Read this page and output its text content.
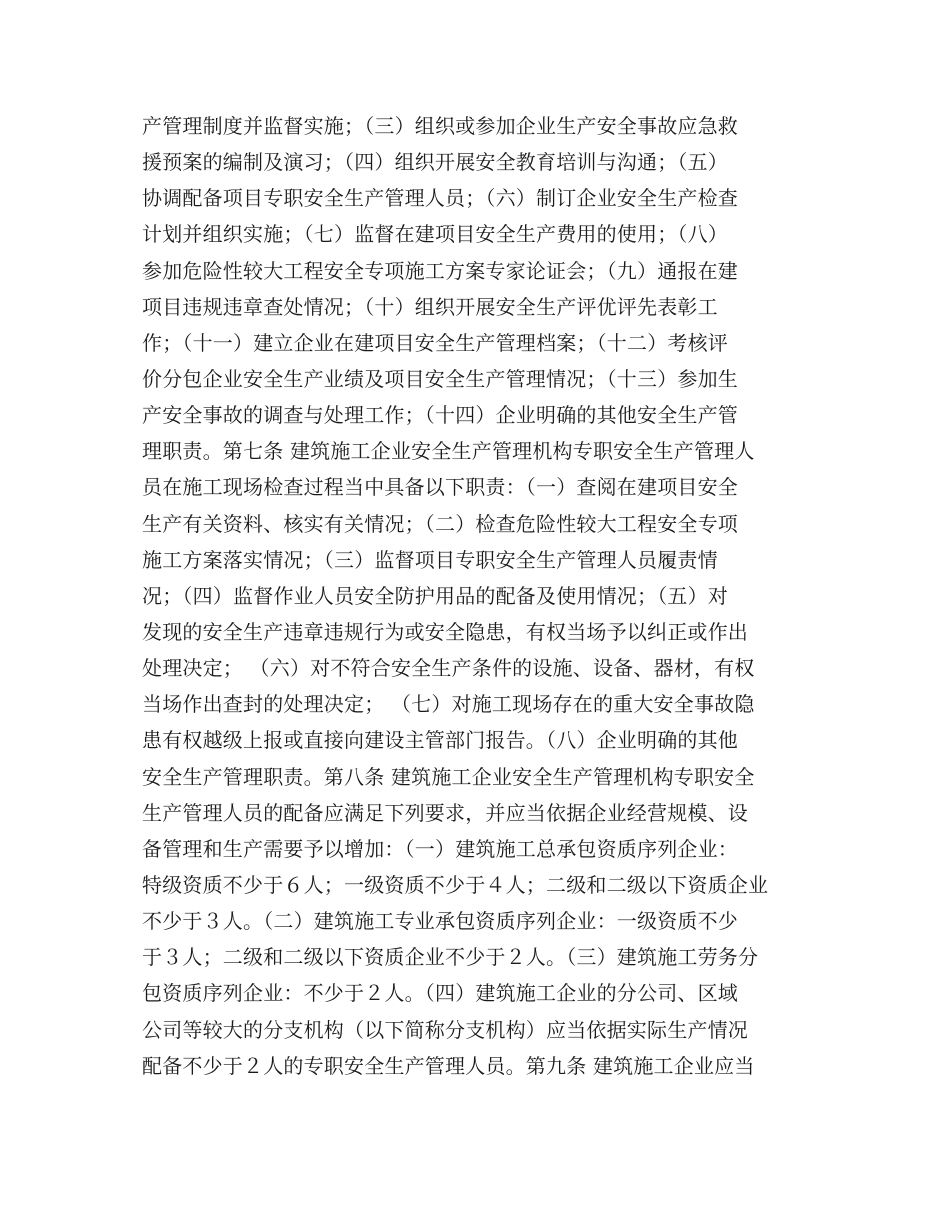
产管理制度并监督实施；（三）组织或参加企业生产安全事故应急救
援预案的编制及演习；（四）组织开展安全教育培训与沟通；（五）
协调配备项目专职安全生产管理人员；（六）制订企业安全生产检查
计划并组织实施；（七）监督在建项目安全生产费用的使用；（八）
参加危险性较大工程安全专项施工方案专家论证会；（九）通报在建
项目违规违章查处情况；（十）组织开展安全生产评优评先表彰工
作；（十一）建立企业在建项目安全生产管理档案；（十二）考核评
价分包企业安全生产业绩及项目安全生产管理情况；（十三）参加生
产安全事故的调查与处理工作；（十四）企业明确的其他安全生产管
理职责。第七条 建筑施工企业安全生产管理机构专职安全生产管理人
员在施工现场检查过程当中具备以下职责：（一）查阅在建项目安全
生产有关资料、核实有关情况；（二）检查危险性较大工程安全专项
施工方案落实情况；（三）监督项目专职安全生产管理人员履责情
况；（四）监督作业人员安全防护用品的配备及使用情况；（五）对
发现的安全生产违章违规行为或安全隐患，有权当场予以纠正或作出
处理决定； （六）对不符合安全生产条件的设施、设备、器材，有权
当场作出查封的处理决定； （七）对施工现场存在的重大安全事故隐
患有权越级上报或直接向建设主管部门报告。（八）企业明确的其他
安全生产管理职责。第八条 建筑施工企业安全生产管理机构专职安全
生产管理人员的配备应满足下列要求，并应当依据企业经营规模、设
备管理和生产需要予以增加：（一）建筑施工总承包资质序列企业：
特级资质不少于６人；一级资质不少于４人；二级和二级以下资质企业
不少于３人。（二）建筑施工专业承包资质序列企业：一级资质不少
于３人；二级和二级以下资质企业不少于２人。（三）建筑施工劳务分
包资质序列企业：不少于２人。（四）建筑施工企业的分公司、区域
公司等较大的分支机构（以下简称分支机构）应当依据实际生产情况
配备不少于２人的专职安全生产管理人员。第九条 建筑施工企业应当
